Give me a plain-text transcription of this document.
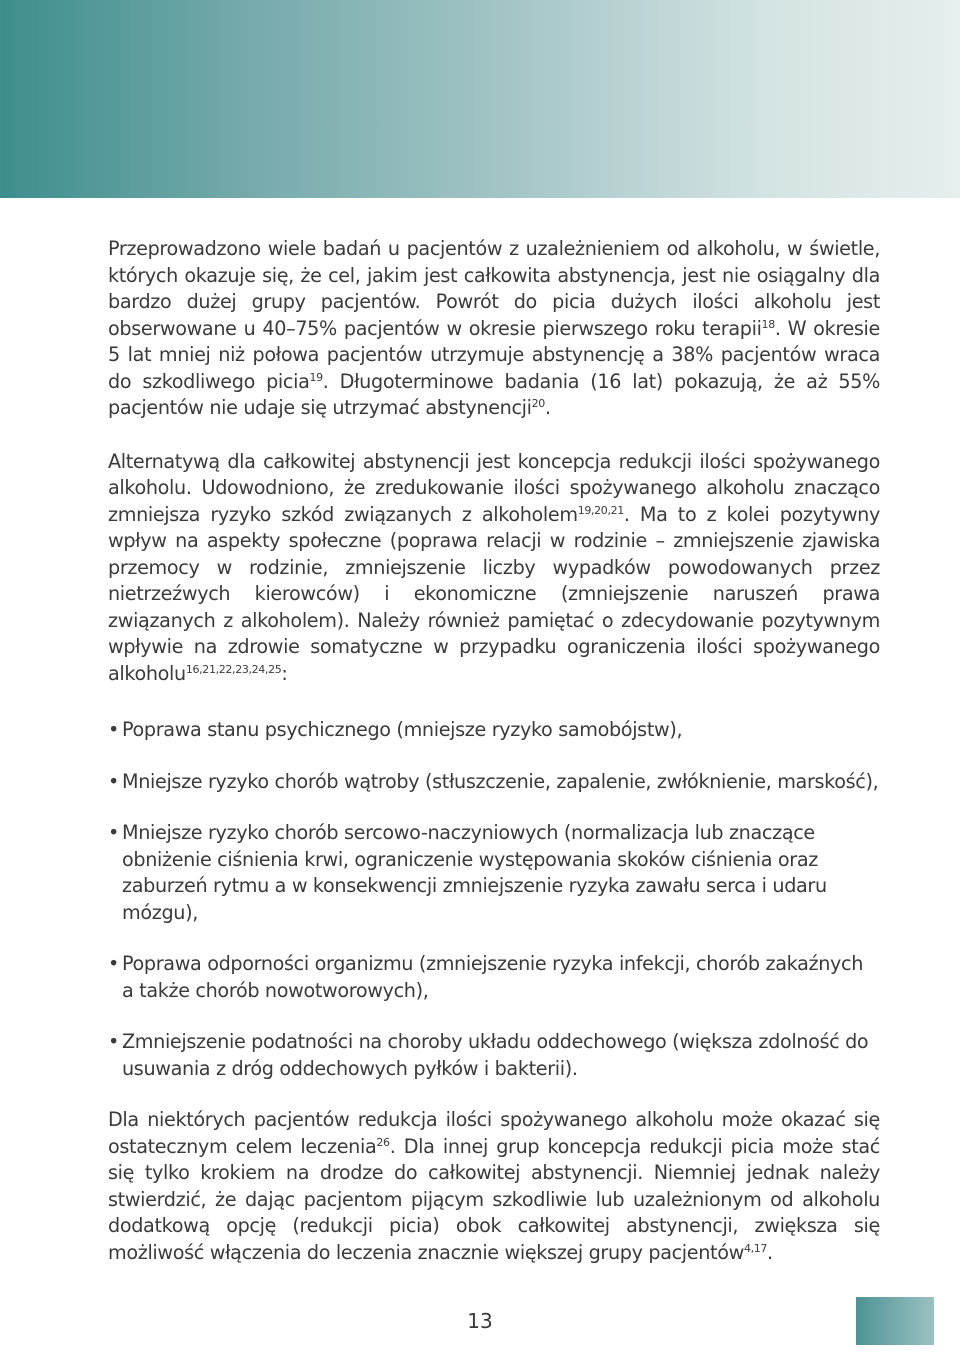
Przeprowadzono wiele badań u pacjentów z uzależnieniem od alkoholu, w świetle, których okazuje się, że cel, jakim jest całkowita abstynencja, jest nie osiągalny dla bardzo dużej grupy pacjentów. Powrót do picia dużych ilości alkoholu jest obserwowane u 40–75% pacjentów w okresie pierwszego roku terapii$^{18}$. W okresie 5 lat mniej niż połowa pacjentów utrzymuje abstynencję a 38% pacjentów wraca do szkodliwego picia$^{19}$. Długoterminowe badania (16 lat) pokazują, że aż 55% pacjentów nie udaje się utrzymać abstynencji$^{20}$.

Alternatywą dla całkowitej abstynencji jest koncepcja redukcji ilości spożywanego alkoholu. Udowodniono, że zredukowanie ilości spożywanego alkoholu znacząco zmniejsza ryzyko szkód związanych z alkoholem$^{19,20,21}$. Ma to z kolei pozytywny wpływ na aspekty społeczne (poprawa relacji w rodzinie – zmniejszenie zjawiska przemocy w rodzinie, zmniejszenie liczby wypadków powodowanych przez nietrzeźwych kierowców) i ekonomiczne (zmniejszenie naruszeń prawa związanych z alkoholem). Należy również pamiętać o zdecydowanie pozytywnym wpływie na zdrowie somatyczne w przypadku ograniczenia ilości spożywanego alkoholu$^{16,21,22,23,24,25}$:

• Poprawa stanu psychicznego (mniejsze ryzyko samobójstw),
• Mniejsze ryzyko chorób wątroby (stłuszczenie, zapalenie, zwłóknienie, marskość),
• Mniejsze ryzyko chorób sercowo-naczyniowych (normalizacja lub znaczące obniżenie ciśnienia krwi, ograniczenie występowania skoków ciśnienia oraz zaburzeń rytmu a w konsekwencji zmniejszenie ryzyka zawału serca i udaru mózgu),
• Poprawa odporności organizmu (zmniejszenie ryzyka infekcji, chorób zakaźnych a także chorób nowotworowych),
• Zmniejszenie podatności na choroby układu oddechowego (większa zdolność do usuwania z dróg oddechowych pyłków i bakterii).

Dla niektórych pacjentów redukcja ilości spożywanego alkoholu może okazać się ostatecznym celem leczenia$^{26}$. Dla innej grup koncepcja redukcji picia może stać się tylko krokiem na drodze do całkowitej abstynencji. Niemniej jednak należy stwierdzić, że dając pacjentom pijącym szkodliwie lub uzależnionym od alkoholu dodatkową opcję (redukcji picia) obok całkowitej abstynencji, zwiększa się możliwość włączenia do leczenia znacznie większej grupy pacjentów$^{4,17}$.

13
